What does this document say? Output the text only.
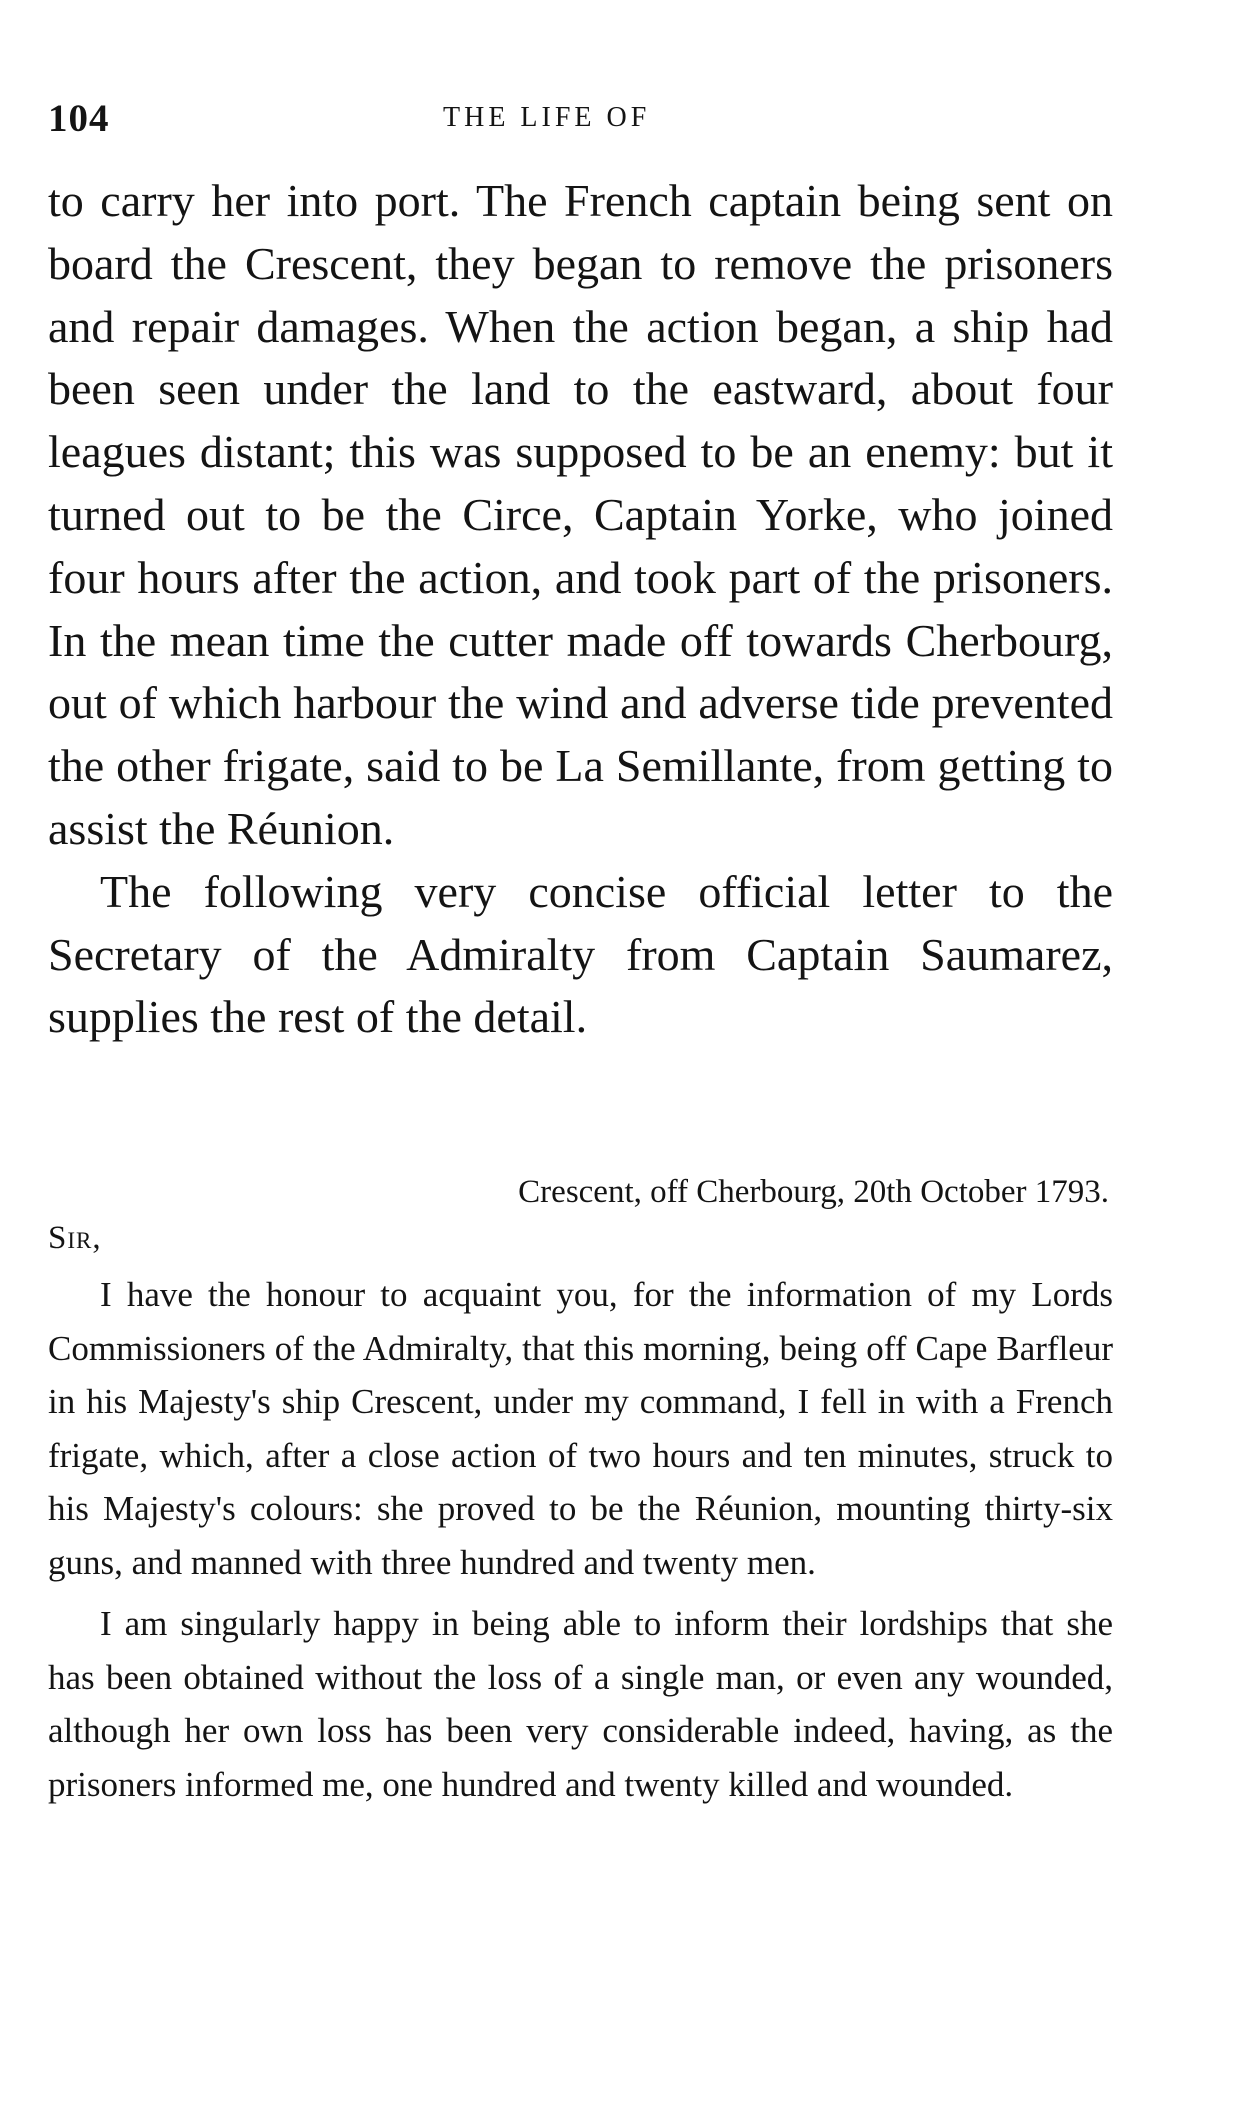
104	THE LIFE OF

to carry her into port. The French captain being sent on board the Crescent, they began to remove the prisoners and repair damages. When the action began, a ship had been seen under the land to the eastward, about four leagues distant; this was supposed to be an enemy: but it turned out to be the Circe, Captain Yorke, who joined four hours after the action, and took part of the prisoners. In the mean time the cutter made off towards Cherbourg, out of which harbour the wind and adverse tide prevented the other frigate, said to be La Semillante, from getting to assist the Réunion.

The following very concise official letter to the Secretary of the Admiralty from Captain Saumarez, supplies the rest of the detail.

Crescent, off Cherbourg, 20th October 1793.

Sir,

I have the honour to acquaint you, for the information of my Lords Commissioners of the Admiralty, that this morning, being off Cape Barfleur in his Majesty's ship Crescent, under my command, I fell in with a French frigate, which, after a close action of two hours and ten minutes, struck to his Majesty's colours: she proved to be the Réunion, mounting thirty-six guns, and manned with three hundred and twenty men.

I am singularly happy in being able to inform their lordships that she has been obtained without the loss of a single man, or even any wounded, although her own loss has been very considerable indeed, having, as the prisoners informed me, one hundred and twenty killed and wounded.
